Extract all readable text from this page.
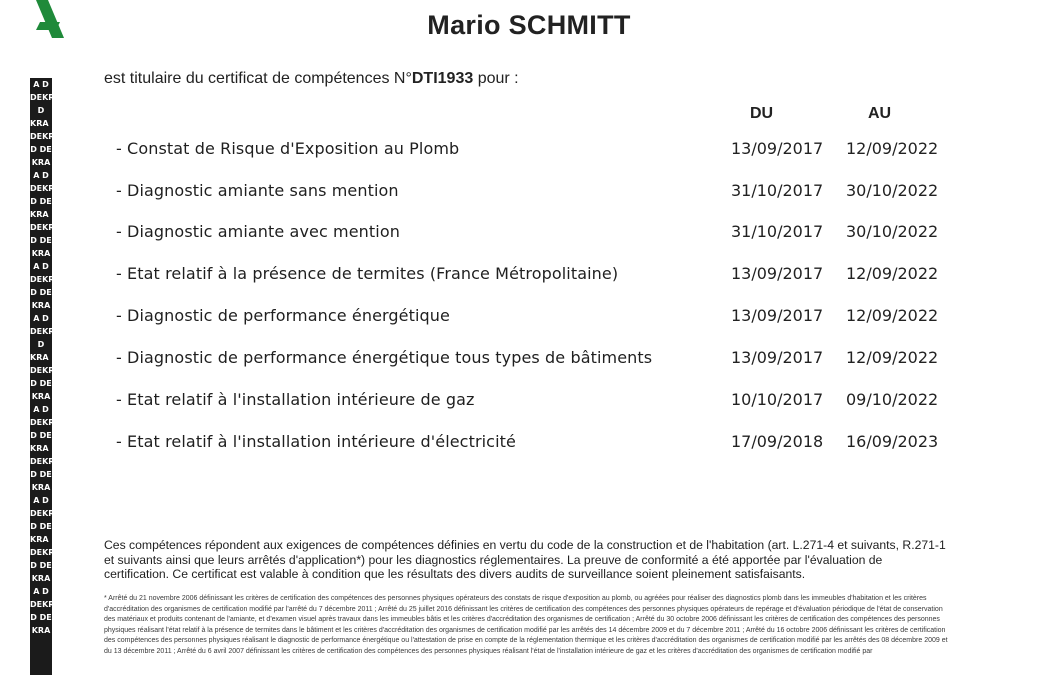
A D
DEKRA
D
KRA D
DEKRA
D DE
KRA
A D
DEKRA
D DE
KRA D
DEKRA
D DE
KRA
A D
DEKRA
D DE
KRA
A D
DEKRA
D
KRA D
DEKRA
D DE
KRA
A D
DEKRA
D DE
KRA D
DEKRA
D DE
KRA
A D
DEKRA
D DE
KRA D
DEKRA
D DE
KRA
A D
DEKRA
D DE
KRA
Mario SCHMITT
est titulaire du certificat de compétences N°DTI1933 pour :
DU	AU
- Constat de Risque d'Exposition au Plomb	13/09/2017 12/09/2022
- Diagnostic amiante sans mention	31/10/2017 30/10/2022
- Diagnostic amiante avec mention	31/10/2017 30/10/2022
- Etat relatif à la présence de termites (France Métropolitaine)	13/09/2017 12/09/2022
- Diagnostic de performance énergétique	13/09/2017 12/09/2022
- Diagnostic de performance énergétique tous types de bâtiments	13/09/2017 12/09/2022
- Etat relatif à l'installation intérieure de gaz	10/10/2017 09/10/2022
- Etat relatif à l'installation intérieure d'électricité	17/09/2018 16/09/2023
Ces compétences répondent aux exigences de compétences définies en vertu du code de la construction et de l'habitation (art. L.271-4 et suivants, R.271-1 et suivants ainsi que leurs arrêtés d'application*) pour les diagnostics réglementaires. La preuve de conformité a été apportée par l'évaluation de certification. Ce certificat est valable à condition que les résultats des divers audits de surveillance soient pleinement satisfaisants.
* Arrêté du 21 novembre 2006 définissant les critères de certification des compétences des personnes physiques opérateurs des constats de risque d'exposition au plomb, ou agréées pour réaliser des diagnostics plomb dans les immeubles d'habitation et les critères d'accréditation des organismes de certification modifié par l'arrêté du 7 décembre 2011 ; Arrêté du 25 juillet 2016 définissant les critères de certification des compétences des personnes physiques opérateurs de repérage et d'évaluation périodique de l'état de conservation des matériaux et produits contenant de l'amiante, et d'examen visuel après travaux dans les immeubles bâtis et les critères d'accréditation des organismes de certification ; Arrêté du 30 octobre 2006 définissant les critères de certification des compétences des personnes physiques réalisant l'état relatif à la présence de termites dans le bâtiment et les critères d'accréditation des organismes de certification modifié par les arrêtés des 14 décembre 2009 et du 7 décembre 2011 ; Arrêté du 16 octobre 2006 définissant les critères de certification des compétences des personnes physiques réalisant le diagnostic de performance énergétique ou l'attestation de prise en compte de la réglementation thermique et les critères d'accréditation des organismes de certification modifié par les arrêtés des 08 décembre 2009 et du 13 décembre 2011 ; Arrêté du 6 avril 2007 définissant les critères de certification des compétences des personnes physiques réalisant l'état de l'installation intérieure de gaz et les critères d'accréditation des organismes de certification modifié par
